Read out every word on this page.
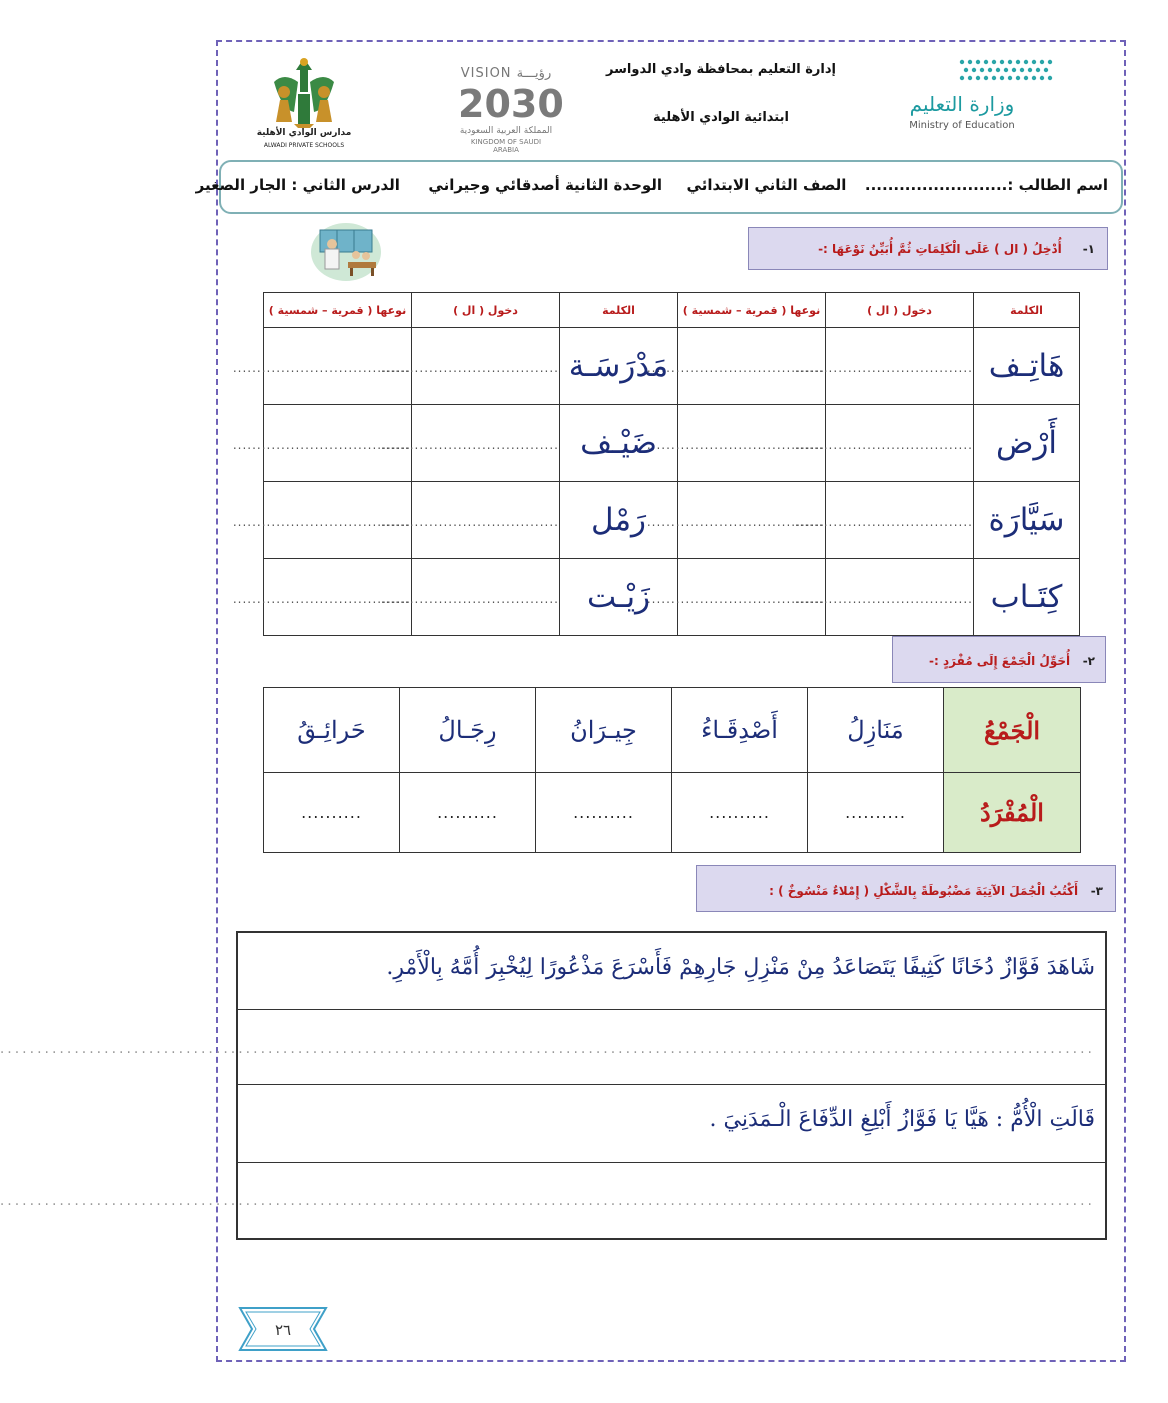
وزارة التعليم
Ministry of Education
إدارة التعليم بمحافظة وادي الدواسر
ابتدائية الوادي الأهلية
VISION رؤيـــة
2030
المملكة العربية السعودية
KINGDOM OF SAUDI ARABIA
مدارس الوادي الأهلية
ALWADI PRIVATE SCHOOLS
اسم الطالب :.........................  الصف الثاني الابتدائي  الوحدة الثانية أصدقائي وجيراني  الدرس الثاني : الجار الصغير
١-     أُدْخِلُ ( ال ) عَلَى الْكَلِمَاتِ ثُمَّ أُبَيِّنُ نَوْعَهَا :-
الكلمة	دخول ( ال )	نوعها ( قمرية – شمسية )	الكلمة	دخول ( ال )	نوعها ( قمرية – شمسية )
هَاتِـف	.....................................	.....................................	مَدْرَسَـة	.....................................	.....................................
أَرْض	.....................................	.....................................	ضَيْـف	.....................................	.....................................
سَيَّارَة	.....................................	.....................................	رَمْل	.....................................	.....................................
كِتَـاب	.....................................	.....................................	زَيْـت	.....................................	.....................................
٢-   أُحَوِّلُ الْجَمْعَ إِلَى مُفْرَدٍ :-
الْجَمْعُ	مَنَازِلُ	أَصْدِقَـاءُ	جِيـرَانُ	رِجَـالُ	حَرائِـقُ
الْمُفْرَدُ	..........	..........	..........	..........	..........
٣-   أَكْتُبُ الْجُمَلَ الآتِيَةَ مَضْبُوطَةً بِالشَّكْلِ ( إِمْلاءٌ مَنْسُوخٌ ) :
شَاهَدَ فَوَّازٌ دُخَانًا كَثِيفًا يَتَصَاعَدُ مِنْ مَنْزِلِ جَارِهِمْ فَأَسْرَعَ مَذْعُورًا لِيُخْبِرَ أُمَّهُ بِالْأَمْرِ.
...................................................................................................................................................
قَالَتِ الْأُمُّ : هَيَّا يَا فَوَّازُ أَبْلِغِ الدِّفَاعَ الْـمَدَنِيَ .
...................................................................................................................................................
٢٦
